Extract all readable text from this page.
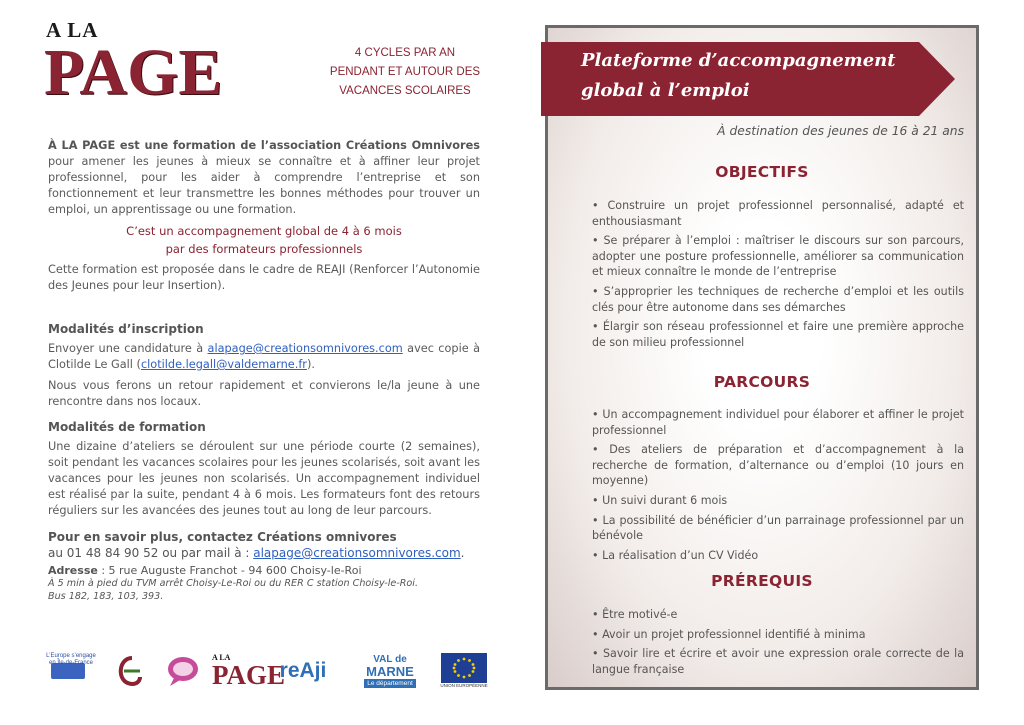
A LA
PAGE	4 CYCLES PAR AN
PENDANT ET AUTOUR DES
VACANCES SCOLAIRES
À LA PAGE est une formation de l’association Créations Omnivores pour amener les jeunes à mieux se connaître et à affiner leur projet professionnel, pour les aider à comprendre l’entreprise et son fonctionnement et leur transmettre les bonnes méthodes pour trouver un emploi, un apprentissage ou une formation.
C’est un accompagnement global de 4 à 6 mois
par des formateurs professionnels
Cette formation est proposée dans le cadre de REAJI (Renforcer l’Autonomie des Jeunes pour leur Insertion).
Modalités d’inscription
Envoyer une candidature à alapage@creationsomnivores.com avec copie à Clotilde Le Gall (clotilde.legall@valdemarne.fr).
Nous vous ferons un retour rapidement et convierons le/la jeune à une rencontre dans nos locaux.
Modalités de formation
Une dizaine d’ateliers se déroulent sur une période courte (2 semaines), soit pendant les vacances scolaires pour les jeunes scolarisés, soit avant les vacances pour les jeunes non scolarisés. Un accompagnement individuel est réalisé par la suite, pendant 4 à 6 mois. Les formateurs font des retours réguliers sur les avancées des jeunes tout au long de leur parcours.
Pour en savoir plus, contactez Créations omnivores
au 01 48 84 90 52 ou par mail à : alapage@creationsomnivores.com.
Adresse : 5 rue Auguste Franchot - 94 600 Choisy-le-Roi
À 5 min à pied du TVM arrêt Choisy-Le-Roi ou du RER C station Choisy-le-Roi.
Bus 182, 183, 103, 393.
L’Europe s’engage en Île-de-France
A LA
PAGE
reAji	VAL de
MARNE
Le département	UNION EUROPÉENNE
Plateforme d’accompagnement
global à l’emploi
À destination des jeunes de 16 à 21 ans
OBJECTIFS
• Construire un projet professionnel personnalisé, adapté et enthousiasmant
• Se préparer à l’emploi : maîtriser le discours sur son parcours, adopter une posture professionnelle, améliorer sa communication et mieux connaître le monde de l’entreprise
• S’approprier les techniques de recherche d’emploi et les outils clés pour être autonome dans ses démarches
• Élargir son réseau professionnel et faire une première approche de son milieu professionnel
PARCOURS
• Un accompagnement individuel pour élaborer et affiner le projet professionnel
• Des ateliers de préparation et d’accompagnement à la recherche de formation, d’alternance ou d’emploi (10 jours en moyenne)
• Un suivi durant 6 mois
• La possibilité de bénéficier d’un parrainage professionnel par un bénévole
• La réalisation d’un CV Vidéo
PRÉREQUIS
• Être motivé-e
• Avoir un projet professionnel identifié à minima
• Savoir lire et écrire et avoir une expression orale correcte de la langue française
